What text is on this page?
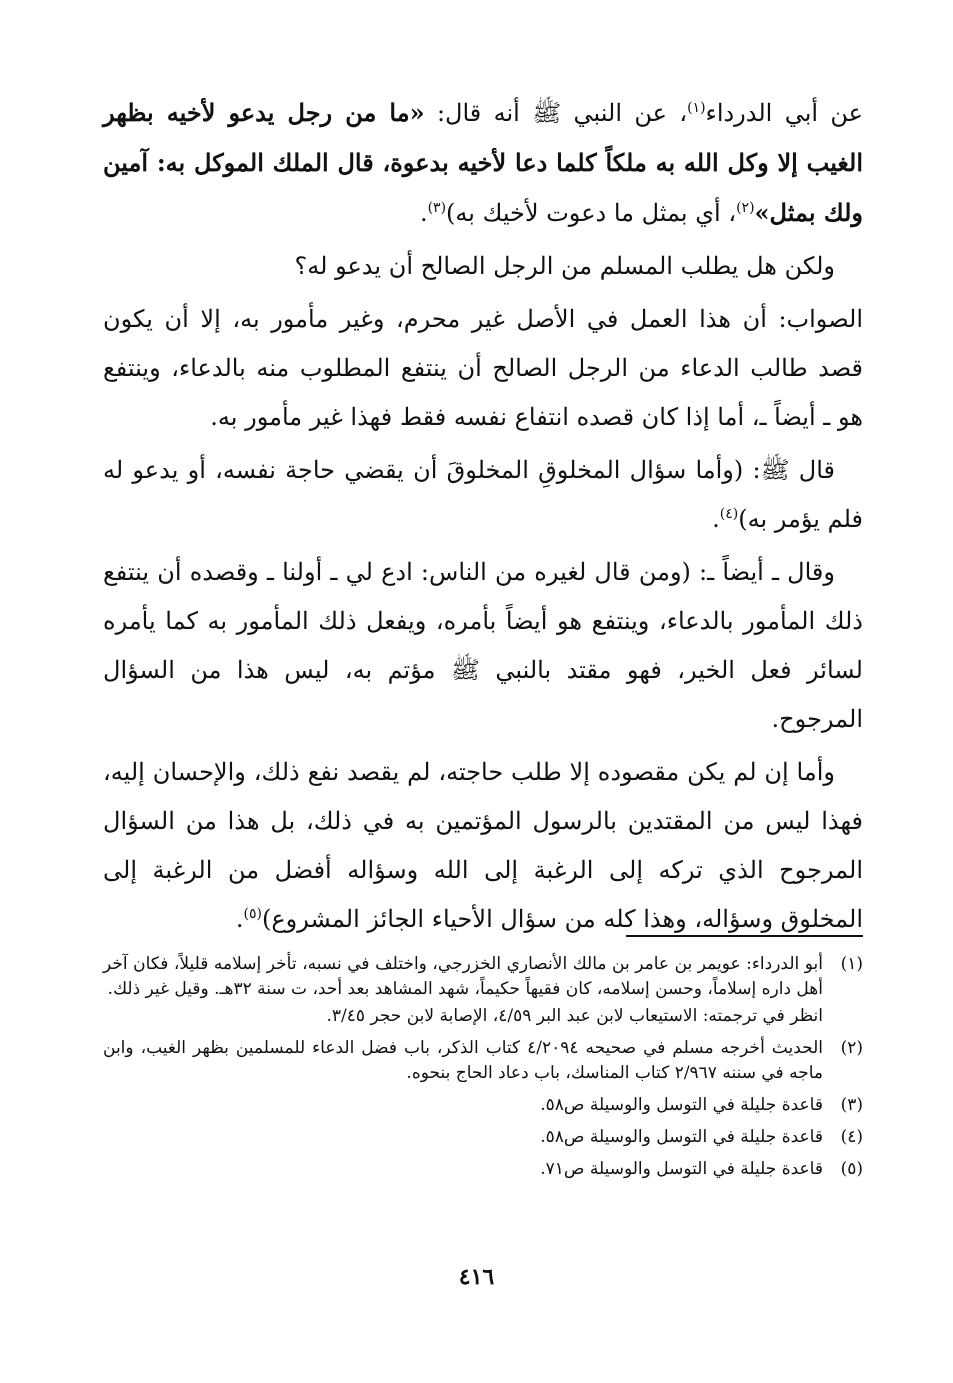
عن أبي الدرداء$^{(١)}$، عن النبي ﷺ أنه قال: «ما من رجل يدعو لأخيه بظهر الغيب إلا وكل الله به ملكاً كلما دعا لأخيه بدعوة، قال الملك الموكل به: آمين ولك بمثل»$^{(٢)}$، أي بمثل ما دعوت لأخيك به)$^{(٣)}$.

ولكن هل يطلب المسلم من الرجل الصالح أن يدعو له؟

الصواب: أن هذا العمل في الأصل غير محرم، وغير مأمور به، إلا أن يكون قصد طالب الدعاء من الرجل الصالح أن ينتفع المطلوب منه بالدعاء، وينتفع هو ـ أيضاً ـ، أما إذا كان قصده انتفاع نفسه فقط فهذا غير مأمور به.

قال ﷺ: (وأما سؤال المخلوقِ المخلوقَ أن يقضي حاجة نفسه، أو يدعو له فلم يؤمر به)$^{(٤)}$.

وقال ـ أيضاً ـ: (ومن قال لغيره من الناس: ادع لي ـ أولنا ـ وقصده أن ينتفع ذلك المأمور بالدعاء، وينتفع هو أيضاً بأمره، ويفعل ذلك المأمور به كما يأمره لسائر فعل الخير، فهو مقتد بالنبي ﷺ مؤتم به، ليس هذا من السؤال المرجوح.

وأما إن لم يكن مقصوده إلا طلب حاجته، لم يقصد نفع ذلك، والإحسان إليه، فهذا ليس من المقتدين بالرسول المؤتمين به في ذلك، بل هذا من السؤال المرجوح الذي تركه إلى الرغبة إلى الله وسؤاله أفضل من الرغبة إلى المخلوق وسؤاله، وهذا كله من سؤال الأحياء الجائز المشروع)$^{(٥)}$.

(١)
أبو الدرداء: عويمر بن عامر بن مالك الأنصاري الخزرجي، واختلف في نسبه، تأخر إسلامه قليلاً، فكان آخر أهل داره إسلاماً، وحسن إسلامه، كان فقيهاً حكيماً، شهد المشاهد بعد أحد، ت سنة ٣٢هـ. وقيل غير ذلك.
انظر في ترجمته: الاستيعاب لابن عبد البر ٤/٥٩، الإصابة لابن حجر ٣/٤٥.
(٢)
الحديث أخرجه مسلم في صحيحه ٤/٢٠٩٤ كتاب الذكر، باب فضل الدعاء للمسلمين بظهر الغيب، وابن ماجه في سننه ٢/٩٦٧ كتاب المناسك، باب دعاد الحاج بنحوه.
(٣)
قاعدة جليلة في التوسل والوسيلة ص٥٨.
(٤)
قاعدة جليلة في التوسل والوسيلة ص٥٨.
(٥)
قاعدة جليلة في التوسل والوسيلة ص٧١.
٤١٦
